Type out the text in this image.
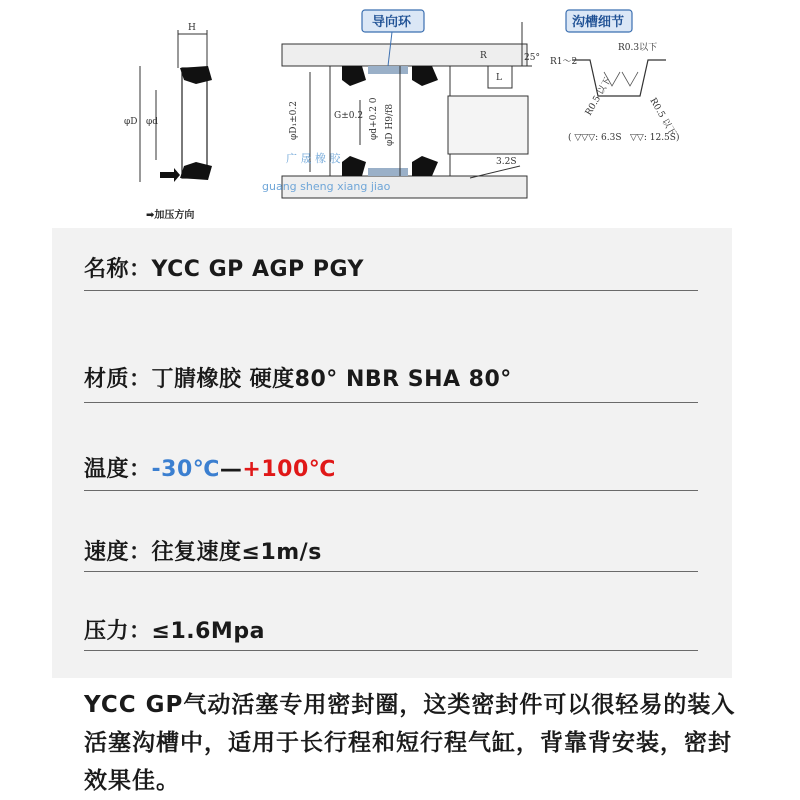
H
φD φd
➡加压方向
φD₁±0.2	G±0.2 φd+0.2 0 φD H9/f8
L
R	25°
3.2S
广 晟 橡 胶
guang sheng xiang jiao
导向环	沟槽细节
R1～2
R0.3以下
R0.5 以下	R0.5 以下
( ▽▽▽: 6.3S ▽▽: 12.5S)
名称：YCC GP AGP PGY
材质：丁腈橡胶 硬度80° NBR SHA 80°
温度：-30℃—+100℃
速度：往复速度≤1m/s
压力：≤1.6Mpa
YCC GP气动活塞专用密封圈，这类密封件可以很轻易的装入活塞沟槽中，适用于长行程和短行程气缸，背靠背安装，密封效果佳。
